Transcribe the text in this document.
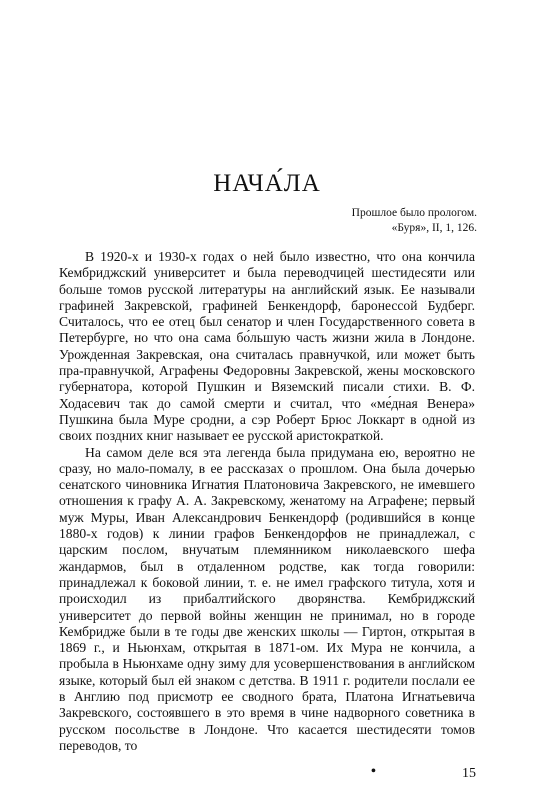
НАЧА́ЛА
Прошлое было прологом.
«Буря», II, 1, 126.

В 1920-х и 1930-х годах о ней было известно, что она кончила Кембриджский университет и была переводчицей шестидесяти или больше томов русской литературы на английский язык. Ее называли графиней Закревской, графиней Бенкендорф, баронессой Будберг. Считалось, что ее отец был сенатор и член Государственного совета в Петербурге, но что она сама бо́льшую часть жизни жила в Лондоне. Урожденная Закревская, она считалась правнучкой, или может быть пра-правнучкой, Аграфены Федоровны Закревской, жены московского губернатора, которой Пушкин и Вяземский писали стихи. В. Ф. Ходасевич так до самой смерти и считал, что «ме́дная Венера» Пушкина была Муре сродни, а сэр Роберт Брюс Локкарт в одной из своих поздних книг называет ее русской аристократкой.

На самом деле вся эта легенда была придумана ею, вероятно не сразу, но мало-помалу, в ее рассказах о прошлом. Она была дочерью сенатского чиновника Игнатия Платоновича Закревского, не имевшего отношения к графу А. А. Закревскому, женатому на Аграфене; первый муж Муры, Иван Александрович Бенкендорф (родившийся в конце 1880-х годов) к линии графов Бенкендорфов не принадлежал, с царским послом, внучатым племянником николаевского шефа жандармов, был в отдаленном родстве, как тогда говорили: принадлежал к боковой линии, т. е. не имел графского титула, хотя и происходил из прибалтийского дворянства. Кембриджский университет до первой войны женщин не принимал, но в городе Кембридже были в те годы две женских школы — Гиртон, открытая в 1869 г., и Ньюнхам, открытая в 1871-ом. Их Мура не кончила, а пробыла в Ньюнхаме одну зиму для усовершенствования в английском языке, который был ей знаком с детства. В 1911 г. родители послали ее в Англию под присмотр ее сводного брата, Платона Игнатьевича Закревского, состоявшего в это время в чине надворного советника в русском посольстве в Лондоне. Что касается шестидесяти томов переводов, то

•	15
